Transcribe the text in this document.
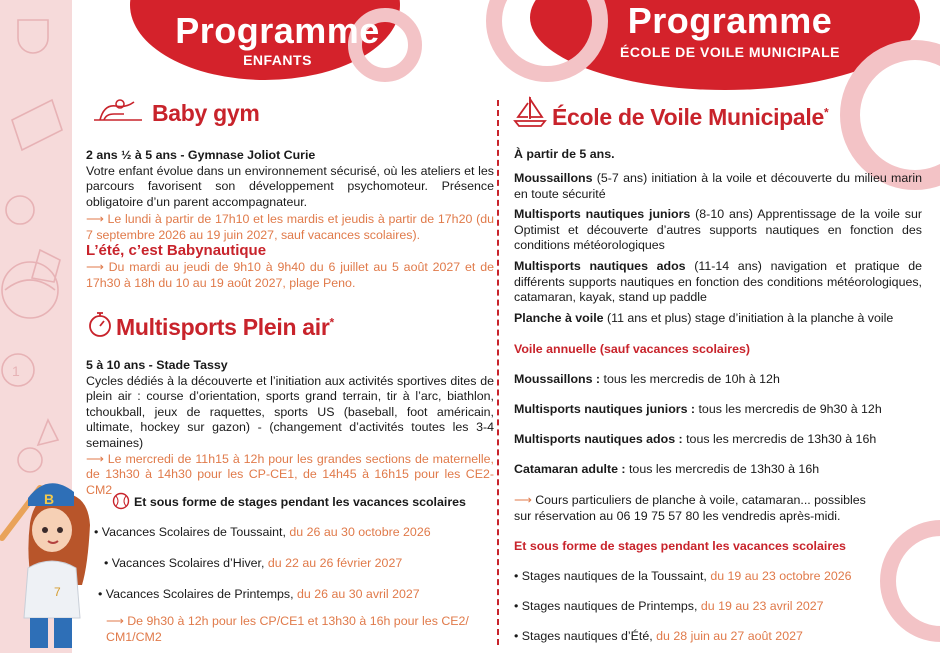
1
B
7
Programme
ENFANTS
Programme
ÉCOLE DE VOILE MUNICIPALE
Baby gym

2 ans ½ à 5 ans - Gymnase Joliot Curie

Votre enfant évolue dans un environnement sécurisé, où les ateliers et les parcours favorisent son développement psychomoteur. Présence obligatoire d’un parent accompagnateur.

⟶ Le lundi à partir de 17h10 et les mardis et jeudis à partir de 17h20 (du 7 septembre 2026 au 19 juin 2027, sauf vacances scolaires).

L’été, c’est Babynautique
⟶ Du mardi au jeudi de 9h10 à 9h40 du 6 juillet au 5 août 2027 et de 17h30 à 18h du 10 au 19 août 2027, plage Peno.
Multisports Plein air*

5 à 10 ans - Stade Tassy

Cycles dédiés à la découverte et l’initiation aux activités sportives dites de plein air : course d’orientation, sports grand terrain, tir à l’arc, biathlon, tchoukball, jeux de raquettes, sports US (baseball, foot américain, ultimate, hockey sur gazon) - (changement d’activités toutes les 3-4 semaines)

⟶ Le mercredi de 11h15 à 12h pour les grandes sections de maternelle, de 13h30 à 14h30 pour les CP-CE1, de 14h45 à 16h15 pour les CE2-CM2

Et sous forme de stages pendant les vacances scolaires
• Vacances Scolaires de Toussaint, du 26 au 30 octobre 2026
• Vacances Scolaires d’Hiver, du 22 au 26 février 2027
• Vacances Scolaires de Printemps, du 26 au 30 avril 2027
⟶ De 9h30 à 12h pour les CP/CE1 et 13h30 à 16h pour les CE2/ CM1/CM2
École de Voile Municipale*
À partir de 5 ans.
Moussaillons (5-7 ans) initiation à la voile et découverte du milieu marin en toute sécurité
Multisports nautiques juniors (8-10 ans) Apprentissage de la voile sur Optimist et découverte d’autres supports nautiques en fonction des conditions météorologiques
Multisports nautiques ados (11-14 ans) navigation et pratique de différents supports nautiques en fonction des conditions météorologiques, catamaran, kayak, stand up paddle
Planche à voile (11 ans et plus) stage d’initiation à la planche à voile
Voile annuelle (sauf vacances scolaires)
Moussaillons : tous les mercredis de 10h à 12h
Multisports nautiques juniors : tous les mercredis de 9h30 à 12h
Multisports nautiques ados : tous les mercredis de 13h30 à 16h
Catamaran adulte : tous les mercredis de 13h30 à 16h

⟶ Cours particuliers de planche à voile, catamaran... possibles

sur réservation au 06 19 75 57 80 les vendredis après-midi.

Et sous forme de stages pendant les vacances scolaires
• Stages nautiques de la Toussaint, du 19 au 23 octobre 2026
• Stages nautiques de Printemps, du 19 au 23 avril 2027
• Stages nautiques d’Été, du 28 juin au 27 août 2027
